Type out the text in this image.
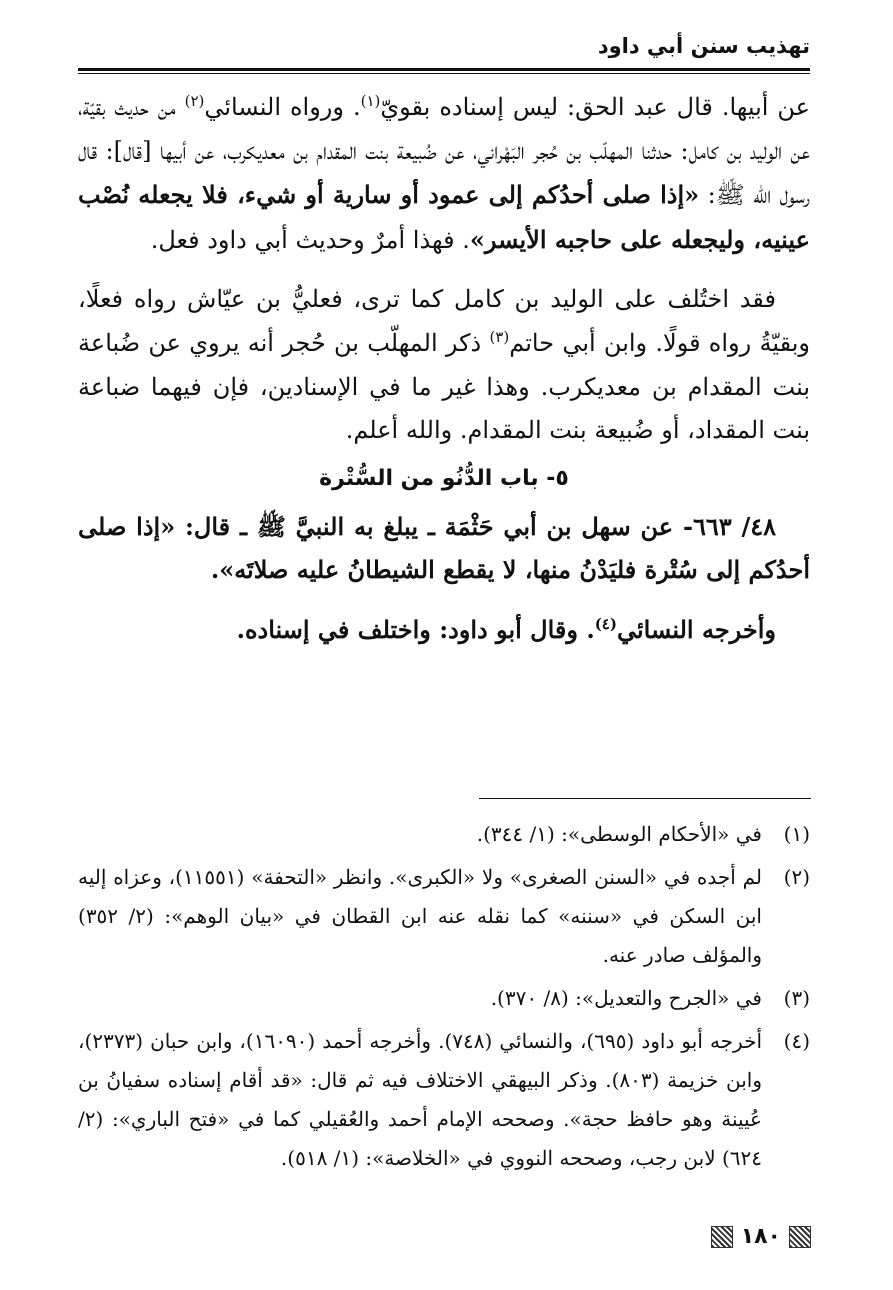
تهذيب سنن أبي داود

عن أبيها. قال عبد الحق: ليس إسناده بقويّ$^{(١)}$. ورواه النسائي$^{(٢)}$ من حديث بقيّة، عن الوليد بن كامل: حدثنا المهلّب بن حُجر البَهْراني، عن ضُبيعة بنت المقدام بن معديكرب، عن أبيها [قال]: قال رسول الله ﷺ: «إذا صلى أحدُكم إلى عمود أو سارية أو شيء، فلا يجعله نُصْب عينيه، وليجعله على حاجبه الأيسر». فهذا أمرٌ وحديث أبي داود فعل.

فقد اختُلف على الوليد بن كامل كما ترى، فعليُّ بن عيّاش رواه فعلًا، وبقيّةُ رواه قولًا. وابن أبي حاتم$^{(٣)}$ ذكر المهلّب بن حُجر أنه يروي عن ضُباعة بنت المقدام بن معديكرب. وهذا غير ما في الإسنادين، فإن فيهما ضباعة بنت المقداد، أو ضُبيعة بنت المقدام. والله أعلم.

٥- باب الدُّنُو من السُّتْرة

٤٨/ ٦٦٣- عن سهل بن أبي حَثْمَة ـ يبلغ به النبيَّ ﷺ ـ قال: «إذا صلى أحدُكم إلى سُتْرة فليَدْنُ منها، لا يقطع الشيطانُ عليه صلاتَه».

وأخرجه النسائي$^{(٤)}$. وقال أبو داود: واختلف في إسناده.

(١)
في «الأحكام الوسطى»: (١/ ٣٤٤).

(٢)
لم أجده في «السنن الصغرى» ولا «الكبرى». وانظر «التحفة» (١١٥٥١)، وعزاه إليه ابن السكن في «سننه» كما نقله عنه ابن القطان في «بيان الوهم»: (٢/ ٣٥٢) والمؤلف صادر عنه.

(٣)
في «الجرح والتعديل»: (٨/ ٣٧٠).

(٤)
أخرجه أبو داود (٦٩٥)، والنسائي (٧٤٨). وأخرجه أحمد (١٦٠٩٠)، وابن حبان (٢٣٧٣)، وابن خزيمة (٨٠٣). وذكر البيهقي الاختلاف فيه ثم قال: «قد أقام إسناده سفيانُ بن عُيينة وهو حافظ حجة». وصححه الإمام أحمد والعُقيلي كما في «فتح الباري»: (٢/ ٦٢٤) لابن رجب، وصححه النووي في «الخلاصة»: (١/ ٥١٨).

١٨٠
